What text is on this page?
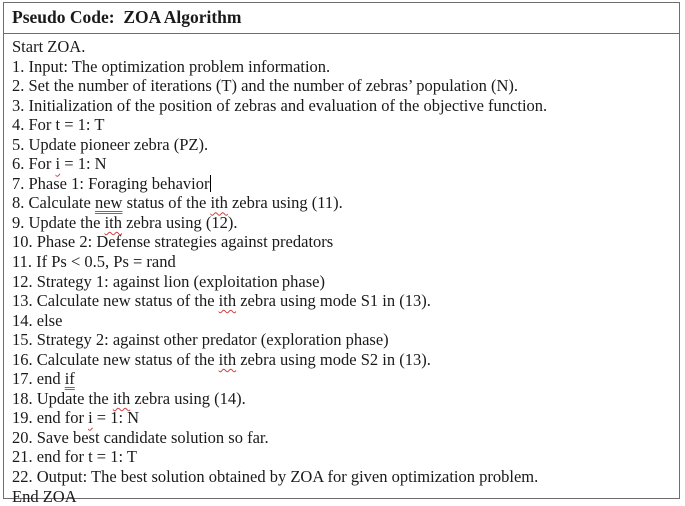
Pseudo Code:  ZOA Algorithm
Start ZOA.
1. Input: The optimization problem information.
2. Set the number of iterations (T) and the number of zebras’ population (N).
3. Initialization of the position of zebras and evaluation of the objective function.
4. For t = 1: T
5. Update pioneer zebra (PZ).
6. For i = 1: N
7. Phase 1: Foraging behavior
8. Calculate new status of the ith zebra using (11).
9. Update the ith zebra using (12).
10. Phase 2: Defense strategies against predators
11. If Ps < 0.5, Ps = rand
12. Strategy 1: against lion (exploitation phase)
13. Calculate new status of the ith zebra using mode S1 in (13).
14. else
15. Strategy 2: against other predator (exploration phase)
16. Calculate new status of the ith zebra using mode S2 in (13).
17. end if
18. Update the ith zebra using (14).
19. end for i = 1: N
20. Save best candidate solution so far.
21. end for t = 1: T
22. Output: The best solution obtained by ZOA for given optimization problem.
End ZOA
